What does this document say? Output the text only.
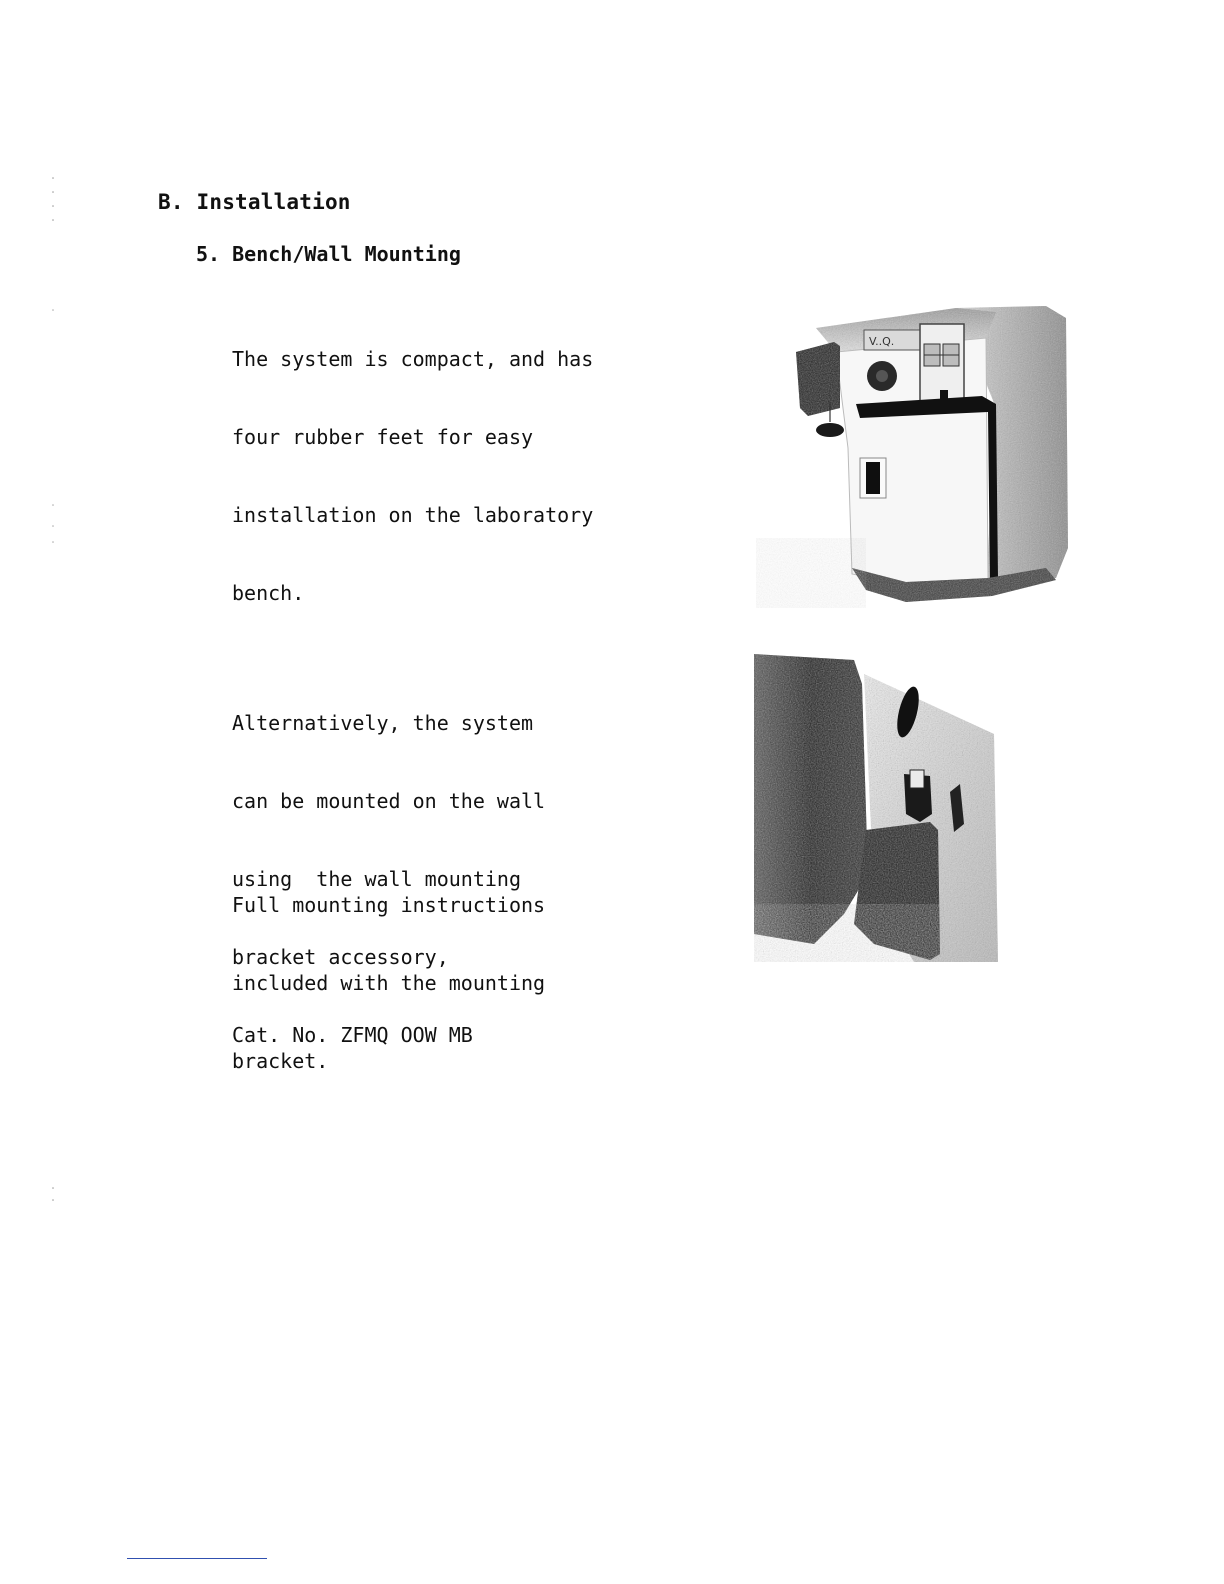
B. Installation
5. Bench/Wall Mounting

The system is compact, and has

four rubber feet for easy

installation on the laboratory

bench.

Alternatively, the system

can be mounted on the wall

using  the wall mounting

bracket accessory,

Cat. No. ZFMQ OOW MB

Full mounting instructions

included with the mounting

bracket.

V..Q.
